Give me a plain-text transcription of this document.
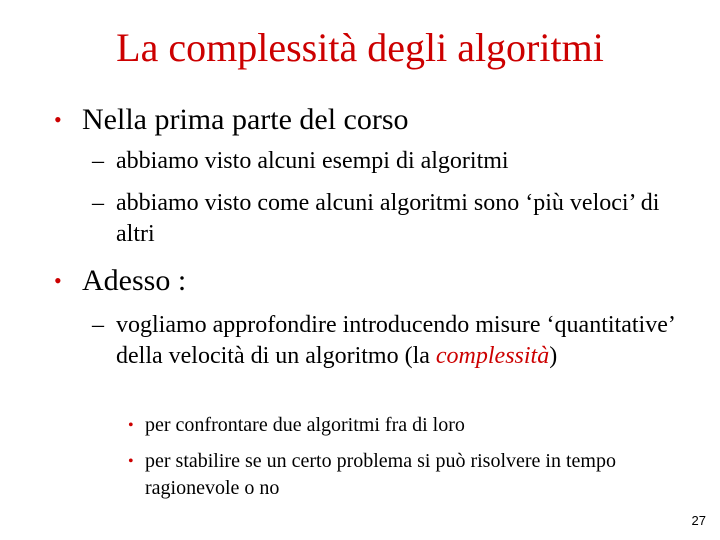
La complessità degli algoritmi
• Nella prima parte del corso
– abbiamo visto alcuni esempi di algoritmi
– abbiamo visto come alcuni algoritmi sono ‘più veloci’ di altri
• Adesso :
– vogliamo approfondire introducendo misure ‘quantitative’ della velocità di un algoritmo (la complessità)
• per confrontare due algoritmi fra di loro
• per stabilire se un certo problema si può risolvere in tempo ragionevole o no
27
